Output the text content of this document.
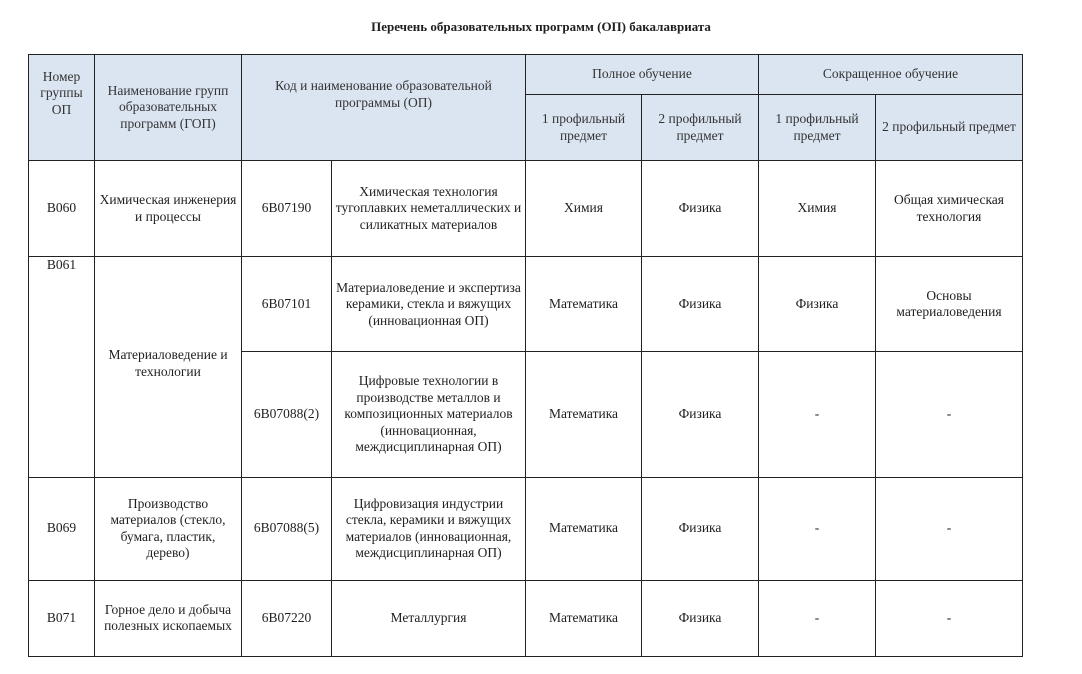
Перечень образовательных программ (ОП) бакалавриата
Номер группы ОП	Наименование групп образовательных программ (ГОП)	Код и наименование образовательной программы (ОП)		Полное обучение		Сокращенное обучение	
				1 профильный предмет	2 профильный предмет	1 профильный предмет	2 профильный предмет
B060	Химическая инженерия и процессы	6B07190	Химическая технология тугоплавких неметаллических и силикатных материалов	Химия	Физика	Химия	Общая химическая технология
B061	Материаловедение и технологии	6B07101	Материаловедение и экспертиза керамики, стекла и вяжущих (инновационная ОП)	Математика	Физика	Физика	Основы материаловедения
		6B07088(2)	Цифровые технологии в производстве металлов и композиционных материалов (инновационная, междисциплинарная ОП)	Математика	Физика	-	-
B069	Производство материалов (стекло, бумага, пластик, дерево)	6B07088(5)	Цифровизация индустрии стекла, керамики и вяжущих материалов (инновационная, междисциплинарная ОП)	Математика	Физика	-	-
B071	Горное дело и добыча полезных ископаемых	6B07220	Металлургия	Математика	Физика	-	-
